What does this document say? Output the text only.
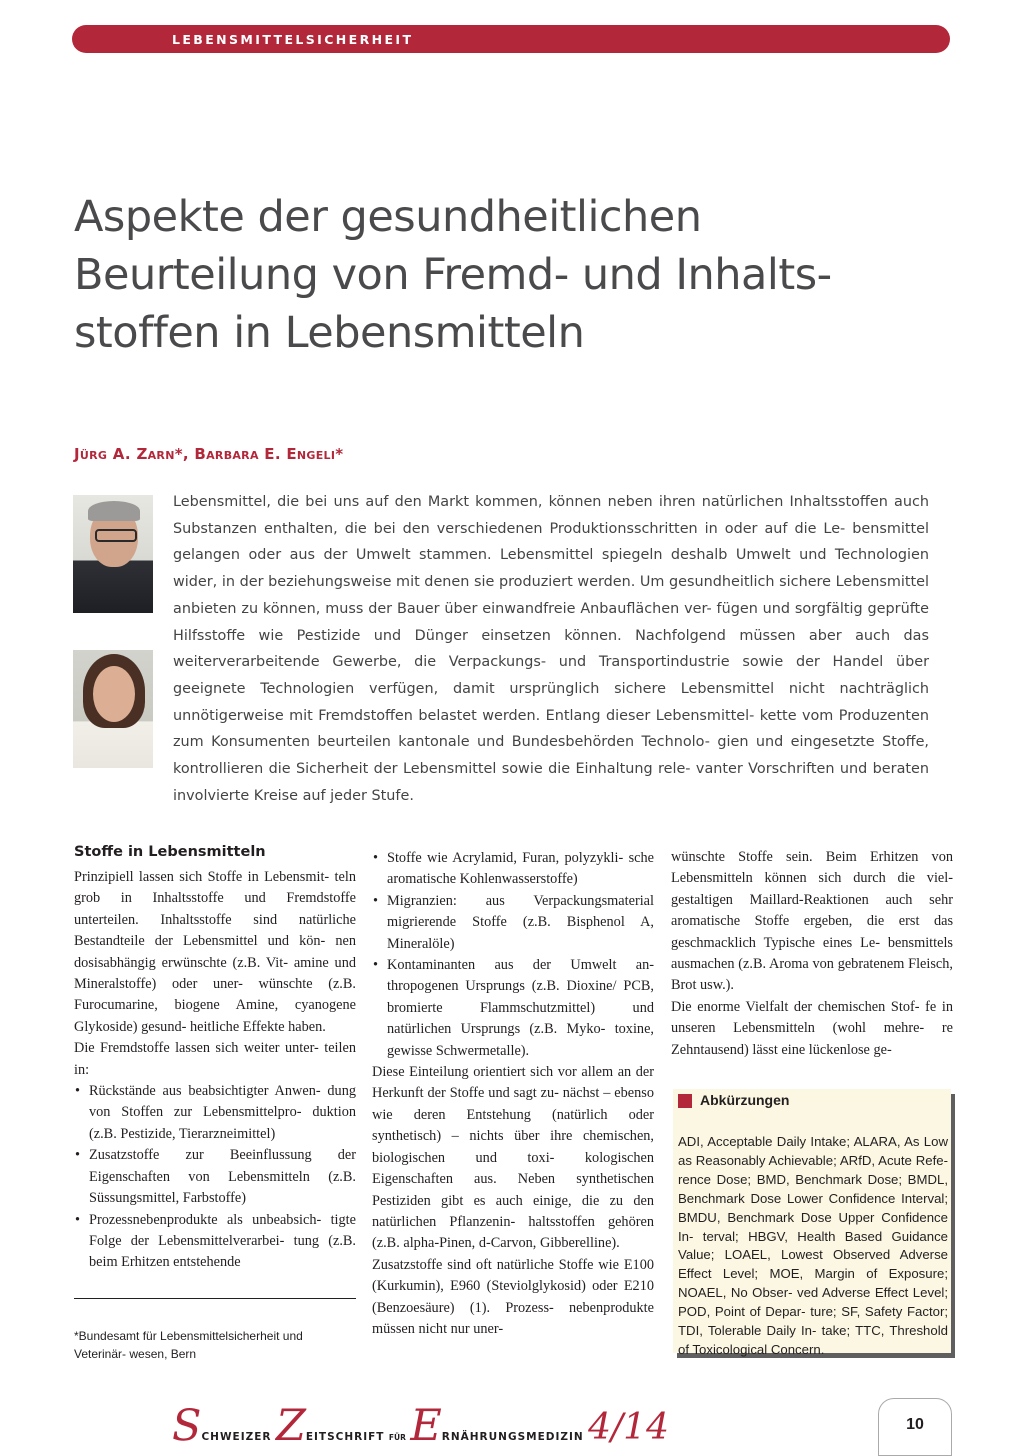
LEBENSMITTELSICHERHEIT
Aspekte der gesundheitlichen
Beurteilung von Fremd- und Inhalts-
stoffen in Lebensmitteln
Jürg A. Zarn*, Barbara E. Engeli*

Lebensmittel, die bei uns auf den Markt kommen, können neben ihren natürlichen Inhaltsstoffen auch Substanzen enthalten, die bei den verschiedenen Produktionsschritten in oder auf die Le- bensmittel gelangen oder aus der Umwelt stammen. Lebensmittel spiegeln deshalb Umwelt und Technologien wider, in der beziehungsweise mit denen sie produziert werden. Um gesundheitlich sichere Lebensmittel anbieten zu können, muss der Bauer über einwandfreie Anbauflächen ver- fügen und sorgfältig geprüfte Hilfsstoffe wie Pestizide und Dünger einsetzen können. Nachfolgend müssen aber auch das weiterverarbeitende Gewerbe, die Verpackungs- und Transportindustrie sowie der Handel über geeignete Technologien verfügen, damit ursprünglich sichere Lebensmittel nicht nachträglich unnötigerweise mit Fremdstoffen belastet werden. Entlang dieser Lebensmittel- kette vom Produzenten zum Konsumenten beurteilen kantonale und Bundesbehörden Technolo- gien und eingesetzte Stoffe, kontrollieren die Sicherheit der Lebensmittel sowie die Einhaltung rele- vanter Vorschriften und beraten involvierte Kreise auf jeder Stufe.

Stoffe in Lebensmitteln

Prinzipiell lassen sich Stoffe in Lebensmit- teln grob in Inhaltsstoffe und Fremdstoffe unterteilen. Inhaltsstoffe sind natürliche Bestandteile der Lebensmittel und kön- nen dosisabhängig erwünschte (z.B. Vit- amine und Mineralstoffe) oder uner- wünschte (z.B. Furocumarine, biogene Amine, cyanogene Glykoside) gesund- heitliche Effekte haben.

Die Fremdstoffe lassen sich weiter unter- teilen in:

• Rückstände aus beabsichtigter Anwen- dung von Stoffen zur Lebensmittelpro- duktion (z.B. Pestizide, Tierarzneimittel)
• Zusatzstoffe zur Beeinflussung der Eigenschaften von Lebensmitteln (z.B. Süssungsmittel, Farbstoffe)
• Prozessnebenprodukte als unbeabsich- tigte Folge der Lebensmittelverarbei- tung (z.B. beim Erhitzen entstehende
• Stoffe wie Acrylamid, Furan, polyzykli- sche aromatische Kohlenwasserstoffe)
• Migranzien: aus Verpackungsmaterial migrierende Stoffe (z.B. Bisphenol A, Mineralöle)
• Kontaminanten aus der Umwelt an- thropogenen Ursprungs (z.B. Dioxine/ PCB, bromierte Flammschutzmittel)	und natürlichen Ursprungs (z.B. Myko- toxine, gewisse Schwermetalle).

Diese Einteilung orientiert sich vor allem an der Herkunft der Stoffe und sagt zu- nächst – ebenso wie deren Entstehung (natürlich oder synthetisch) – nichts über ihre chemischen, biologischen und toxi- kologischen Eigenschaften aus. Neben synthetischen Pestiziden gibt es auch einige, die zu den natürlichen Pflanzenin- haltsstoffen gehören (z.B. alpha-Pinen, d-Carvon, Gibberelline).

Zusatzstoffe sind oft natürliche Stoffe wie E100 (Kurkumin), E960 (Steviolglykosid) oder E210 (Benzoesäure) (1). Prozess- nebenprodukte müssen nicht nur uner-

wünschte Stoffe sein. Beim Erhitzen von Lebensmitteln können sich durch die viel- gestaltigen Maillard-Reaktionen auch sehr aromatische Stoffe ergeben, die erst das geschmacklich Typische eines Le- bensmittels ausmachen (z.B. Aroma von gebratenem Fleisch, Brot usw.).

Die enorme Vielfalt der chemischen Stof- fe in unseren Lebensmitteln (wohl mehre- re Zehntausend) lässt eine lückenlose ge-

*Bundesamt für Lebensmittelsicherheit und Veterinär- wesen, Bern
Abkürzungen

ADI, Acceptable Daily Intake; ALARA, As Low as Reasonably Achievable; ARfD, Acute Refe- rence Dose; BMD, Benchmark Dose; BMDL, Benchmark Dose Lower Confidence Interval; BMDU, Benchmark Dose Upper Confidence In- terval; HBGV, Health Based Guidance Value; LOAEL, Lowest Observed Adverse Effect Level; MOE, Margin of Exposure; NOAEL, No Obser- ved Adverse Effect Level; POD, Point of Depar- ture; SF, Safety Factor; TDI, Tolerable Daily In- take; TTC, Threshold of Toxicological Concern.

SCHWEIZER ZEITSCHRIFT FÜR ERNÄHRUNGSMEDIZIN 4/14	10
